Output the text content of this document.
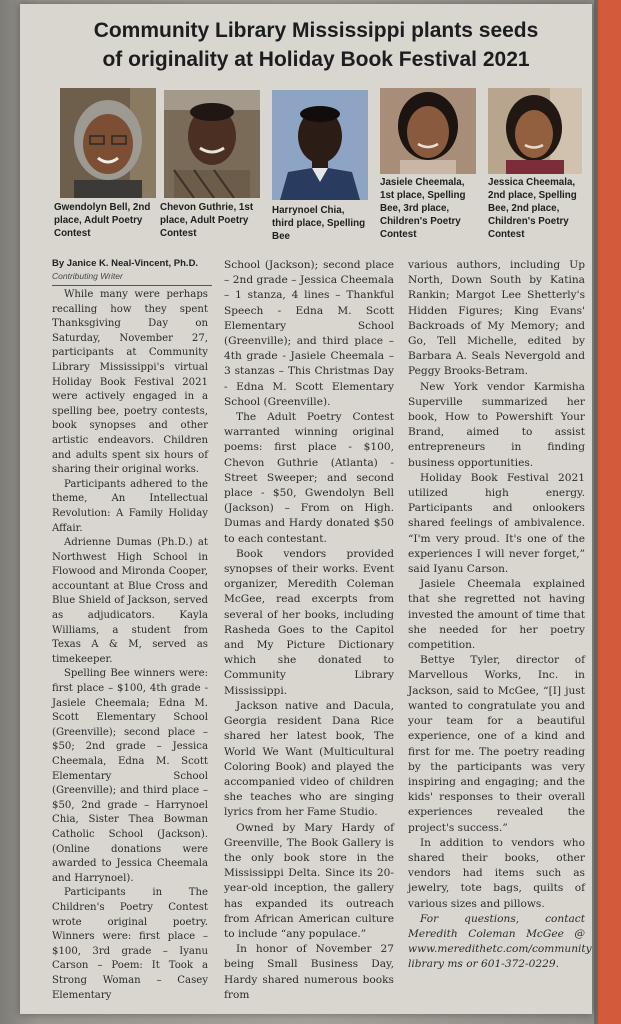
Community Library Mississippi plants seeds
of originality at Holiday Book Festival 2021

Gwendolyn Bell, 2nd place, Adult Poetry Contest

Chevon Guthrie, 1st place, Adult Poetry Contest

Harrynoel Chia, third place, Spelling Bee

Jasiele Cheemala, 1st place, Spelling Bee, 3rd place, Children's Poetry Contest

Jessica Cheemala, 2nd place, Spelling Bee, 2nd place, Children's Poetry Contest

By Janice K. Neal-Vincent, Ph.D.

Contributing Writer

While many were perhaps recalling how they spent Thanksgiving Day on Saturday, November 27, participants at Community Library Mississippi's virtual Holiday Book Festival 2021 were actively engaged in a spelling bee, poetry contests, book synopses and other artistic endeavors. Children and adults spent six hours of sharing their original works.

Participants adhered to the theme, An Intellectual Revolution: A Family Holiday Affair.

Adrienne Dumas (Ph.D.) at Northwest High School in Flowood and Mironda Cooper, accountant at Blue Cross and Blue Shield of Jackson, served as adjudicators. Kayla Williams, a student from Texas A & M, served as timekeeper.

Spelling Bee winners were: first place – $100, 4th grade - Jasiele Cheemala; Edna M. Scott Elementary School (Greenville); second place – $50; 2nd grade – Jessica Cheemala, Edna M. Scott Elementary School (Greenville); and third place – $50, 2nd grade – Harrynoel Chia, Sister Thea Bowman Catholic School (Jackson). (Online donations were awarded to Jessica Cheemala and Harrynoel).

Participants in The Children's Poetry Contest wrote original poetry. Winners were: first place – $100, 3rd grade – Iyanu Carson – Poem: It Took a Strong Woman – Casey Elementary

School (Jackson); second place – 2nd grade – Jessica Cheemala – 1 stanza, 4 lines – Thankful Speech - Edna M. Scott Elementary School (Greenville); and third place – 4th grade - Jasiele Cheemala – 3 stanzas – This Christmas Day - Edna M. Scott Elementary School (Greenville).

The Adult Poetry Contest warranted winning original poems: first place - $100, Chevon Guthrie (Atlanta) - Street Sweeper; and second place - $50, Gwendolyn Bell (Jackson) – From on High. Dumas and Hardy donated $50 to each contestant.

Book vendors provided synopses of their works. Event organizer, Meredith Coleman McGee, read excerpts from several of her books, including Rasheda Goes to the Capitol and My Picture Dictionary which she donated to Community Library Mississippi.

Jackson native and Dacula, Georgia resident Dana Rice shared her latest book, The World We Want (Multicultural Coloring Book) and played the accompanied video of children she teaches who are singing lyrics from her Fame Studio.

Owned by Mary Hardy of Greenville, The Book Gallery is the only book store in the Mississippi Delta. Since its 20-year-old inception, the gallery has expanded its outreach from African American culture to include “any populace.”

In honor of November 27 being Small Business Day, Hardy shared numerous books from

various authors, including Up North, Down South by Katina Rankin; Margot Lee Shetterly's Hidden Figures; King Evans' Backroads of My Memory; and Go, Tell Michelle, edited by Barbara A. Seals Nevergold and Peggy Brooks-Betram.

New York vendor Karmisha Superville summarized her book, How to Powershift Your Brand, aimed to assist entrepreneurs in finding business opportunities.

Holiday Book Festival 2021 utilized high energy. Participants and onlookers shared feelings of ambivalence. “I'm very proud. It's one of the experiences I will never forget,” said Iyanu Carson.

Jasiele Cheemala explained that she regretted not having invested the amount of time that she needed for her poetry competition.

Bettye Tyler, director of Marvellous Works, Inc. in Jackson, said to McGee, “[I] just wanted to congratulate you and your team for a beautiful experience, one of a kind and first for me. The poetry reading by the participants was very inspiring and engaging; and the kids' responses to their overall experiences revealed the project's success.”

In addition to vendors who shared their books, other vendors had items such as jewelry, tote bags, quilts of various sizes and pillows.

For questions, contact Meredith Coleman McGee @ www.meredithetc.com/community library ms or 601-372-0229.
